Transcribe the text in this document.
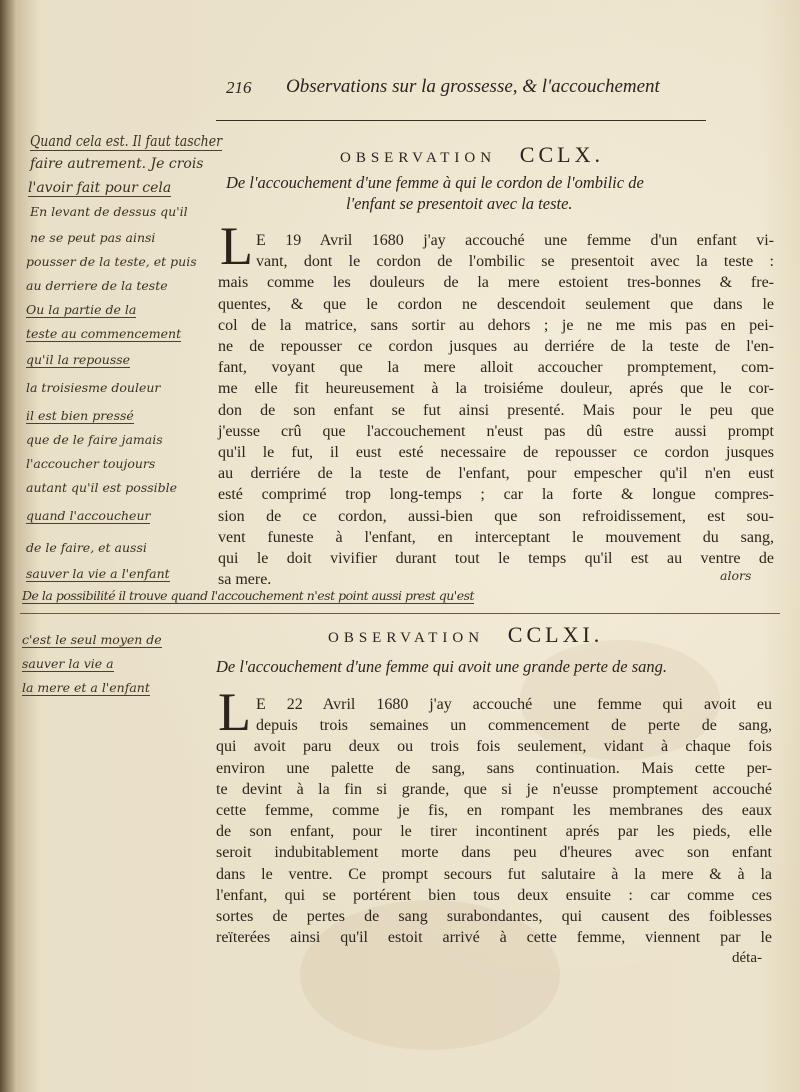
216 Observations sur la grossesse, & l'accouchement
OBSERVATION CCLX.
De l'accouchement d'une femme à qui le cordon de l'ombilic de
l'enfant se presentoit avec la teste.
L E 19 Avril 1680 j'ay accouché une femme d'un enfant vi-
vant, dont le cordon de l'ombilic se presentoit avec la teste :
mais comme les douleurs de la mere estoient tres-bonnes & fre-
quentes, & que le cordon ne descendoit seulement que dans le
col de la matrice, sans sortir au dehors ; je ne me mis pas en pei-
ne de repousser ce cordon jusques au derriére de la teste de l'en-
fant, voyant que la mere alloit accoucher promptement, com-
me elle fit heureusement à la troisiéme douleur, aprés que le cor-
don de son enfant se fut ainsi presenté. Mais pour le peu que
j'eusse crû que l'accouchement n'eust pas dû estre aussi prompt
qu'il le fut, il eust esté necessaire de repousser ce cordon jusques
au derriére de la teste de l'enfant, pour empescher qu'il n'en eust
esté comprimé trop long-temps ; car la forte & longue compres-
sion de ce cordon, aussi-bien que son refroidissement, est sou-
vent funeste à l'enfant, en interceptant le mouvement du sang,
qui le doit vivifier durant tout le temps qu'il est au ventre de
sa mere.
Quand cela est. Il faut tascher
faire autrement. Je crois
l'avoir fait pour cela
En levant de dessus qu'il
ne se peut pas ainsi
pousser de la teste, et puis
au derriere de la teste
Ou la partie de la
teste au commencement
qu'il la repousse
la troisiesme douleur
il est bien pressé
que de le faire jamais
l'accoucher toujours
autant qu'il est possible
quand l'accoucheur
de le faire, et aussi
sauver la vie a l'enfant	alors
De la possibilité il trouve quand l'accouchement n'est point aussi prest qu'est
OBSERVATION CCLXI.
De l'accouchement d'une femme qui avoit une grande perte de sang.
L E 22 Avril 1680 j'ay accouché une femme qui avoit eu
depuis trois semaines un commencement de perte de sang,
qui avoit paru deux ou trois fois seulement, vidant à chaque fois
environ une palette de sang, sans continuation. Mais cette per-
te devint à la fin si grande, que si je n'eusse promptement accouché
cette femme, comme je fis, en rompant les membranes des eaux
de son enfant, pour le tirer incontinent aprés par les pieds, elle
seroit indubitablement morte dans peu d'heures avec son enfant
dans le ventre. Ce prompt secours fut salutaire à la mere & à la
l'enfant, qui se portérent bien tous deux ensuite : car comme ces
sortes de pertes de sang surabondantes, qui causent des foiblesses
reïterées ainsi qu'il estoit arrivé à cette femme, viennent par le
déta-
c'est le seul moyen de
sauver la vie a
la mere et a l'enfant
